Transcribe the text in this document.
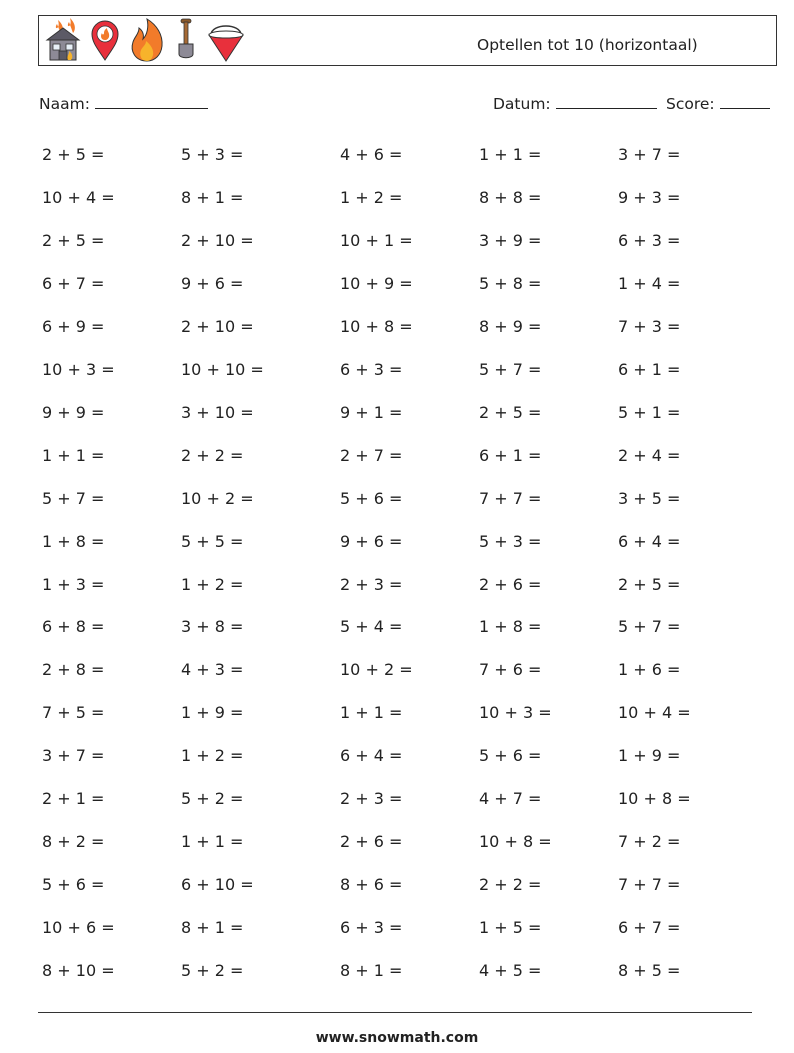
Optellen tot 10 (horizontaal)
Naam:	Datum:	Score:
2 + 5 =	5 + 3 =	4 + 6 =	1 + 1 =	3 + 7 =
10 + 4 =	8 + 1 =	1 + 2 =	8 + 8 =	9 + 3 =
2 + 5 =	2 + 10 =	10 + 1 =	3 + 9 =	6 + 3 =
6 + 7 =	9 + 6 =	10 + 9 =	5 + 8 =	1 + 4 =
6 + 9 =	2 + 10 =	10 + 8 =	8 + 9 =	7 + 3 =
10 + 3 =	10 + 10 =	6 + 3 =	5 + 7 =	6 + 1 =
9 + 9 =	3 + 10 =	9 + 1 =	2 + 5 =	5 + 1 =
1 + 1 =	2 + 2 =	2 + 7 =	6 + 1 =	2 + 4 =
5 + 7 =	10 + 2 =	5 + 6 =	7 + 7 =	3 + 5 =
1 + 8 =	5 + 5 =	9 + 6 =	5 + 3 =	6 + 4 =
1 + 3 =	1 + 2 =	2 + 3 =	2 + 6 =	2 + 5 =
6 + 8 =	3 + 8 =	5 + 4 =	1 + 8 =	5 + 7 =
2 + 8 =	4 + 3 =	10 + 2 =	7 + 6 =	1 + 6 =
7 + 5 =	1 + 9 =	1 + 1 =	10 + 3 =	10 + 4 =
3 + 7 =	1 + 2 =	6 + 4 =	5 + 6 =	1 + 9 =
2 + 1 =	5 + 2 =	2 + 3 =	4 + 7 =	10 + 8 =
8 + 2 =	1 + 1 =	2 + 6 =	10 + 8 =	7 + 2 =
5 + 6 =	6 + 10 =	8 + 6 =	2 + 2 =	7 + 7 =
10 + 6 =	8 + 1 =	6 + 3 =	1 + 5 =	6 + 7 =
8 + 10 =	5 + 2 =	8 + 1 =	4 + 5 =	8 + 5 =
www.snowmath.com
